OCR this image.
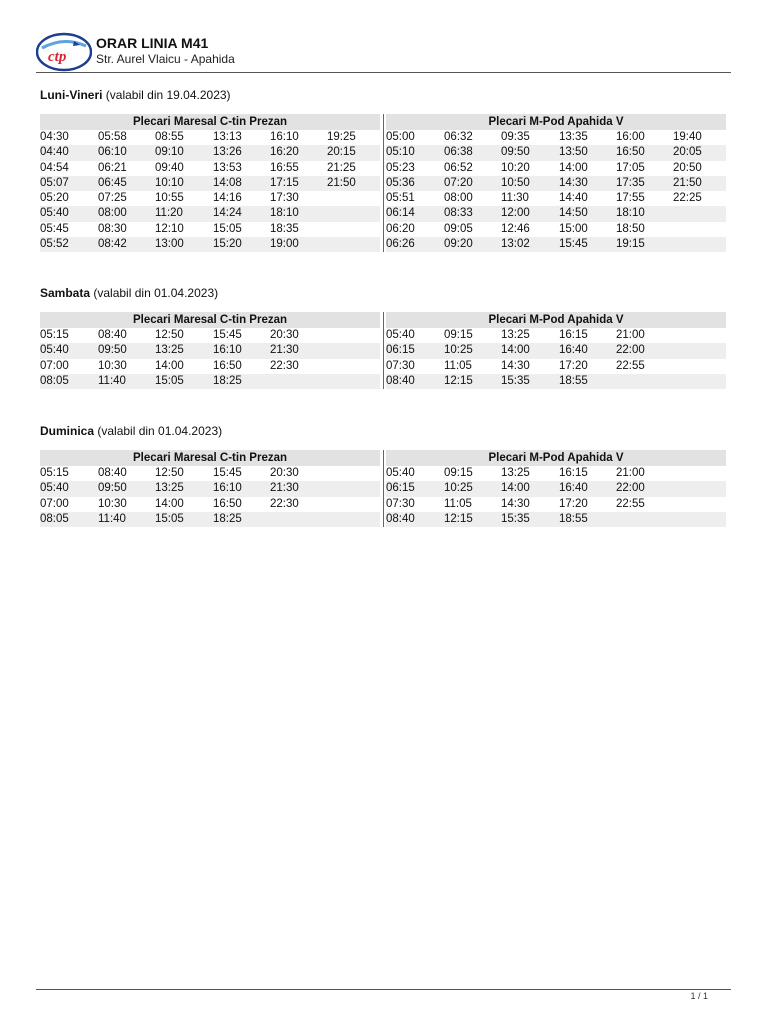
ctp
ORAR LINIA M41
Str. Aurel Vlaicu - Apahida
Luni-Vineri (valabil din 19.04.2023)
Plecari Maresal C-tin Prezan
04:30	05:58 08:55	13:13 16:10 19:25
04:40	06:10 09:10	13:26 16:20 20:15
04:54	06:21 09:40	13:53 16:55 21:25
05:07	06:45 10:10	14:08 17:15 21:50
05:20	07:25 10:55	14:16 17:30
05:40	08:00 11:20	14:24 18:10
05:45	08:30 12:10	15:05 18:35
05:52	08:42 13:00	15:20 19:00
Plecari M-Pod Apahida V
05:00	06:32 09:35	13:35 16:00 19:40
05:10	06:38 09:50	13:50 16:50 20:05
05:23	06:52 10:20	14:00 17:05 20:50
05:36	07:20 10:50	14:30 17:35 21:50
05:51	08:00 11:30	14:40 17:55 22:25
06:14	08:33 12:00	14:50 18:10
06:20	09:05 12:46	15:00 18:50
06:26	09:20 13:02	15:45 19:15
Sambata (valabil din 01.04.2023)
Plecari Maresal C-tin Prezan
05:15	08:40 12:50	15:45 20:30
05:40	09:50 13:25	16:10 21:30
07:00	10:30 14:00	16:50 22:30
08:05	11:40	15:05	18:25
Plecari M-Pod Apahida V
05:40	09:15 13:25	16:15 21:00
06:15	10:25 14:00	16:40 22:00
07:30	11:05	14:30	17:20 22:55
08:40	12:15 15:35	18:55
Duminica (valabil din 01.04.2023)
Plecari Maresal C-tin Prezan
05:15	08:40 12:50	15:45 20:30
05:40	09:50 13:25	16:10 21:30
07:00	10:30 14:00	16:50 22:30
08:05	11:40	15:05	18:25
Plecari M-Pod Apahida V
05:40	09:15 13:25	16:15 21:00
06:15	10:25 14:00	16:40 22:00
07:30	11:05	14:30	17:20 22:55
08:40	12:15 15:35	18:55
1 / 1
